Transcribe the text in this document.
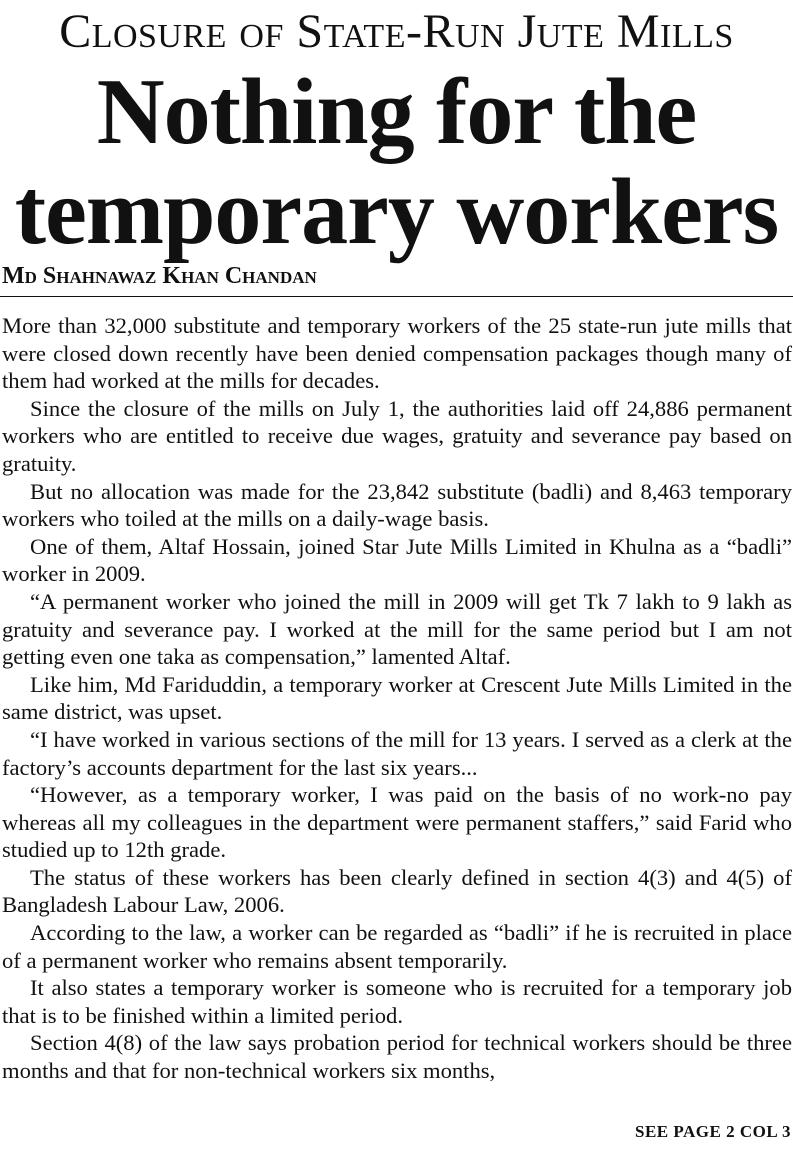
Closure of State-Run Jute Mills
Nothing for the
temporary workers
Md Shahnawaz Khan Chandan

More than 32,000 substitute and temporary workers of the 25 state-run jute mills that were closed down recently have been denied compensation packages though many of them had worked at the mills for decades.

Since the closure of the mills on July 1, the authorities laid off 24,886 permanent workers who are entitled to receive due wages, gratuity and severance pay based on gratuity.

But no allocation was made for the 23,842 substitute (badli) and 8,463 temporary workers who toiled at the mills on a daily-wage basis.

One of them, Altaf Hossain, joined Star Jute Mills Limited in Khulna as a “badli” worker in 2009.

“A permanent worker who joined the mill in 2009 will get Tk 7 lakh to 9 lakh as gratuity and severance pay. I worked at the mill for the same period but I am not getting even one taka as compensation,” lamented Altaf.

Like him, Md Fariduddin, a temporary worker at Crescent Jute Mills Limited in the same district, was upset.

“I have worked in various sections of the mill for 13 years. I served as a clerk at the factory’s accounts department for the last six years...

“However, as a temporary worker, I was paid on the basis of no work-no pay whereas all my colleagues in the department were permanent staffers,” said Farid who studied up to 12th grade.

The status of these workers has been clearly defined in section 4(3) and 4(5) of Bangladesh Labour Law, 2006.

According to the law, a worker can be regarded as “badli” if he is recruited in place of a permanent worker who remains absent temporarily.

It also states a temporary worker is someone who is recruited for a temporary job that is to be finished within a limited period.

Section 4(8) of the law says probation period for technical workers should be three months and that for non-technical workers six months,

SEE PAGE 2 COL 3
